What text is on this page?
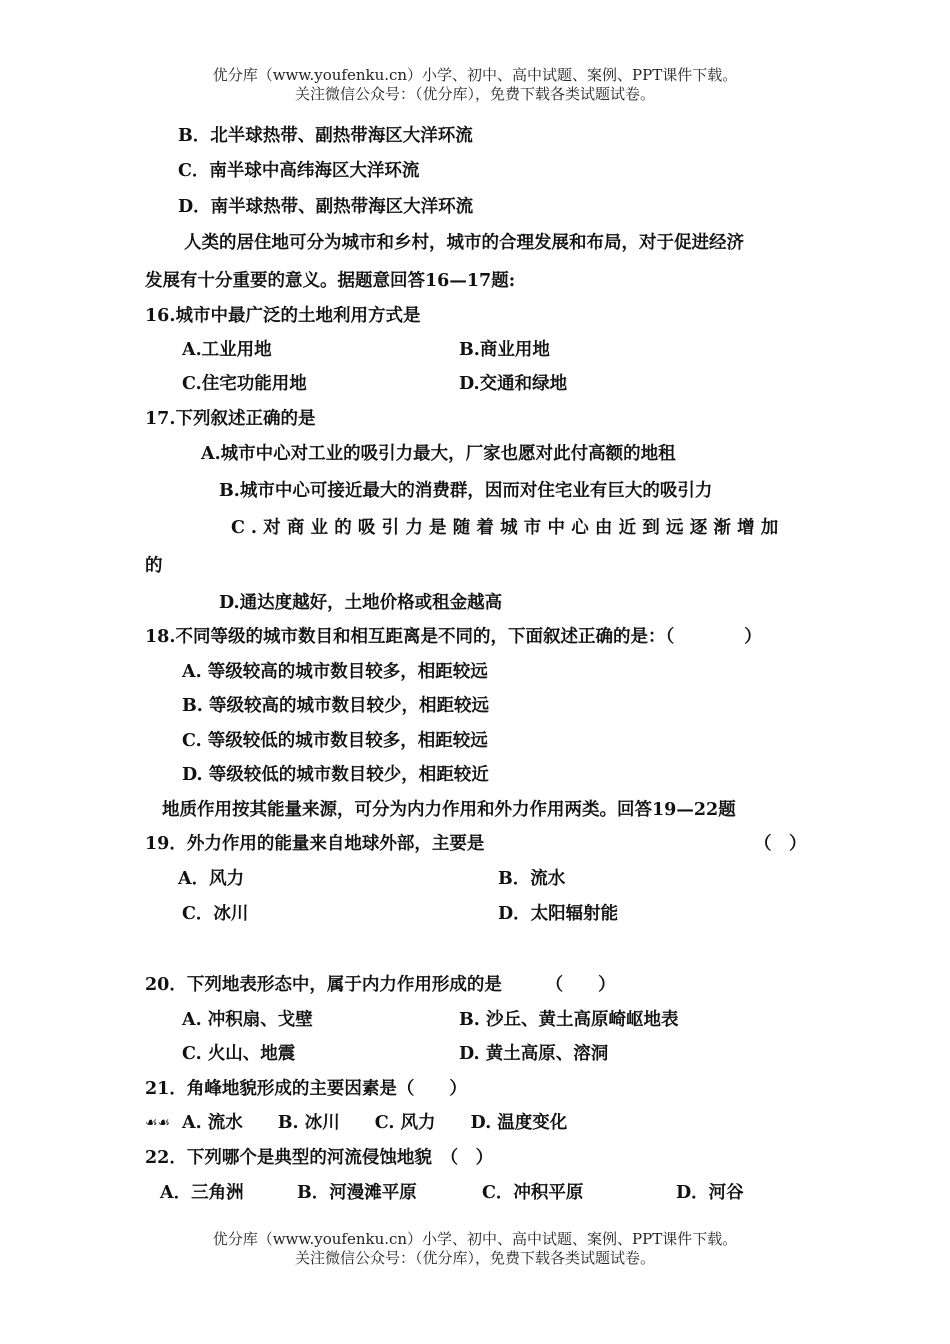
优分库（www.youfenku.cn）小学、初中、高中试题、案例、PPT课件下载。
关注微信公众号：（优分库），免费下载各类试题试卷。
B．北半球热带、副热带海区大洋环流
C．南半球中高纬海区大洋环流
D．南半球热带、副热带海区大洋环流
人类的居住地可分为城市和乡村，城市的合理发展和布局，对于促进经济
发展有十分重要的意义。据题意回答16—17题:
16.城市中最广泛的土地利用方式是
A.工业用地	B.商业用地
C.住宅功能用地	D.交通和绿地
17.下列叙述正确的是
A.城市中心对工业的吸引力最大，厂家也愿对此付高额的地租
B.城市中心可接近最大的消费群，因而对住宅业有巨大的吸引力
C.对商业的吸引力是随着城市中心由近到远逐渐增加
的
D.通达度越好，土地价格或租金越高
18.不同等级的城市数目和相互距离是不同的，下面叙述正确的是：（　　　　）
A. 等级较高的城市数目较多，相距较远
B. 等级较高的城市数目较少，相距较远
C. 等级较低的城市数目较多，相距较远
D. 等级较低的城市数目较少，相距较近
地质作用按其能量来源，可分为内力作用和外力作用两类。回答19—22题
19．外力作用的能量来自地球外部，主要是	（　）
A．风力	B．流水
C．冰川	D．太阳辐射能
20．下列地表形态中，属于内力作用形成的是　　　（　　）
A. 冲积扇、戈壁	B. 沙丘、黄土高原崎岖地表
C. 火山、地震	D. 黄土高原、溶洞
21．角峰地貌形成的主要因素是（　　）
☙☙ A. 流水　　B. 冰川　　C. 风力　　D. 温度变化
22．下列哪个是典型的河流侵蚀地貌　（　）
A．三角洲	B．河漫滩平原	C．冲积平原	D．河谷
优分库（www.youfenku.cn）小学、初中、高中试题、案例、PPT课件下载。
关注微信公众号：（优分库），免费下载各类试题试卷。
